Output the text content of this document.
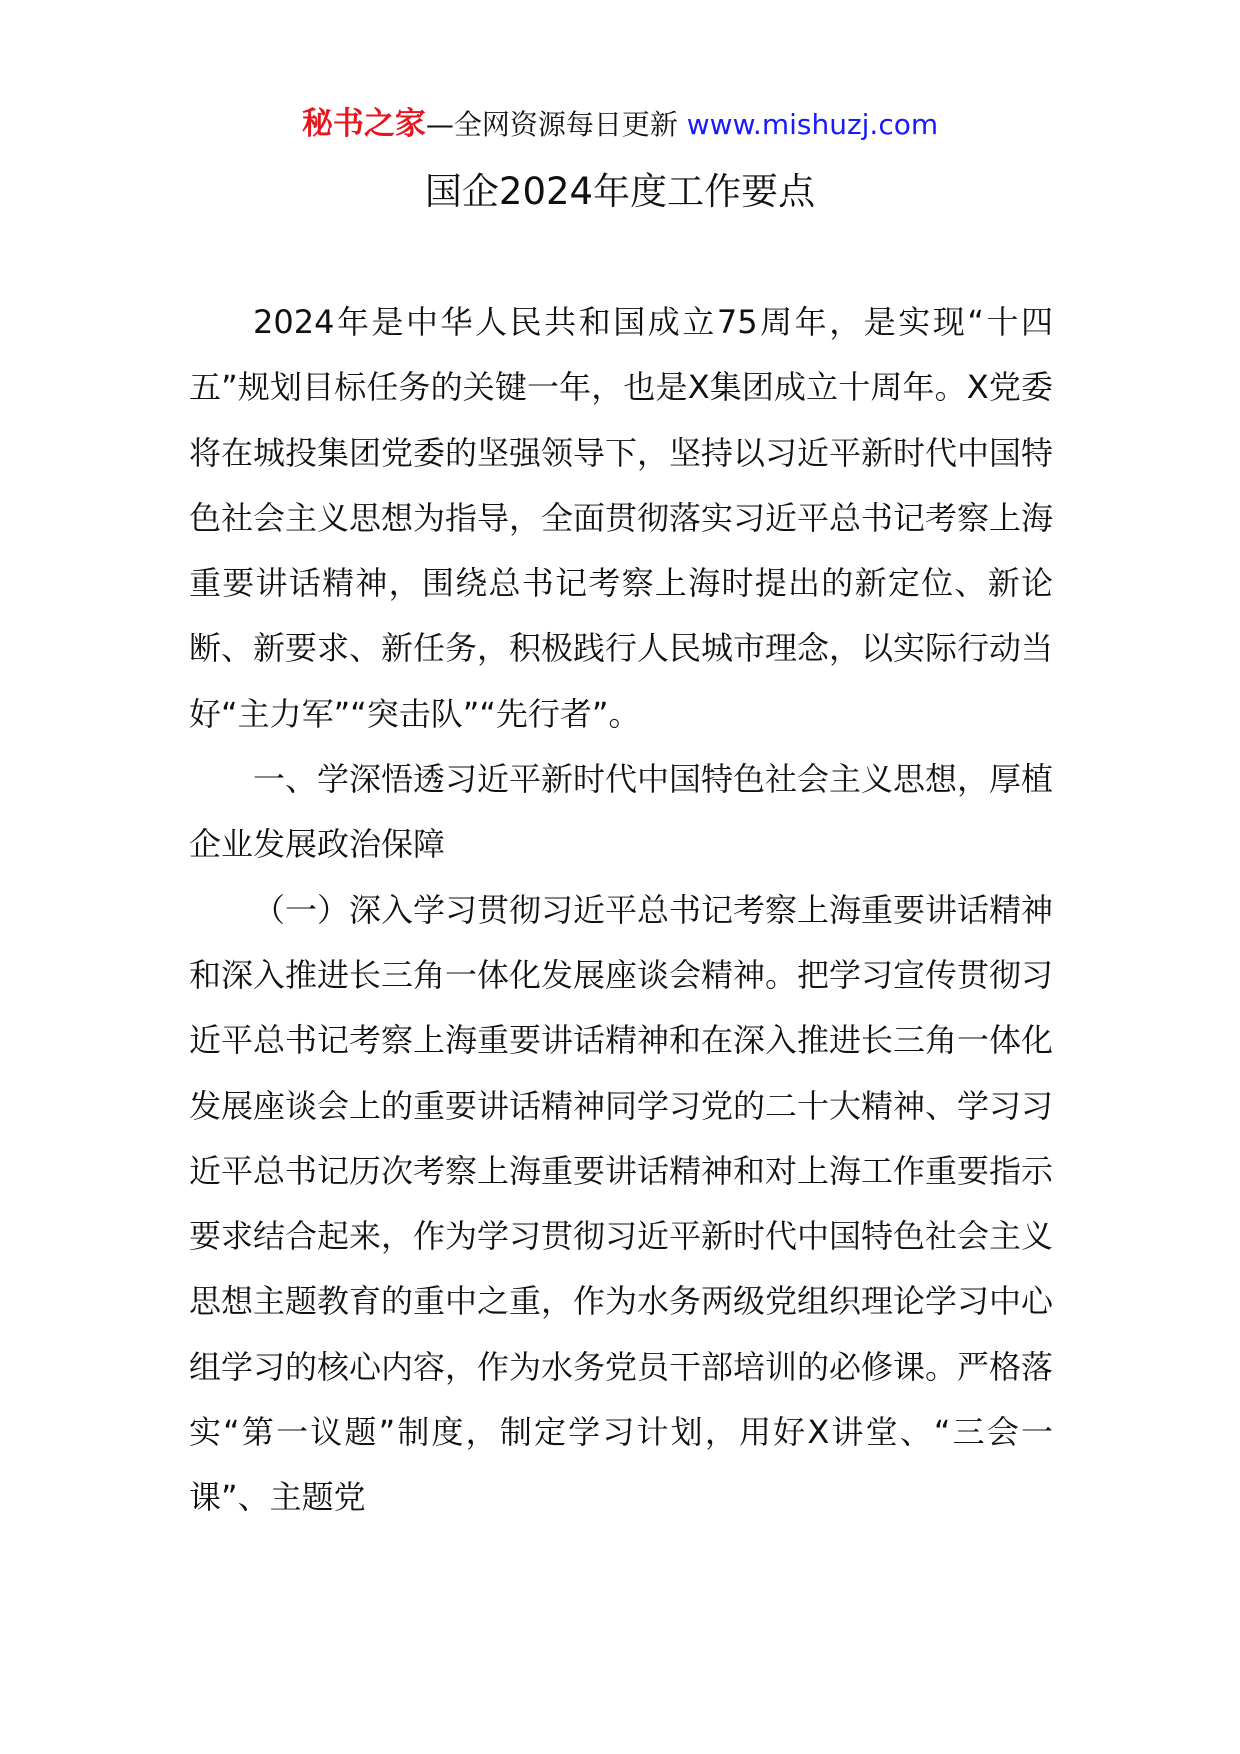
秘书之家—全网资源每日更新 www.mishuzj.com
国企2024年度工作要点

2024年是中华人民共和国成立75周年，是实现“十四五”规划目标任务的关键一年，也是X集团成立十周年。X党委将在城投集团党委的坚强领导下，坚持以习近平新时代中国特色社会主义思想为指导，全面贯彻落实习近平总书记考察上海重要讲话精神，围绕总书记考察上海时提出的新定位、新论断、新要求、新任务，积极践行人民城市理念，以实际行动当好“主力军”“突击队”“先行者”。

一、学深悟透习近平新时代中国特色社会主义思想，厚植企业发展政治保障

（一）深入学习贯彻习近平总书记考察上海重要讲话精神和深入推进长三角一体化发展座谈会精神。把学习宣传贯彻习近平总书记考察上海重要讲话精神和在深入推进长三角一体化发展座谈会上的重要讲话精神同学习党的二十大精神、学习习近平总书记历次考察上海重要讲话精神和对上海工作重要指示要求结合起来，作为学习贯彻习近平新时代中国特色社会主义思想主题教育的重中之重，作为水务两级党组织理论学习中心组学习的核心内容，作为水务党员干部培训的必修课。严格落实“第一议题”制度，制定学习计划，用好X讲堂、“三会一课”、主题党
